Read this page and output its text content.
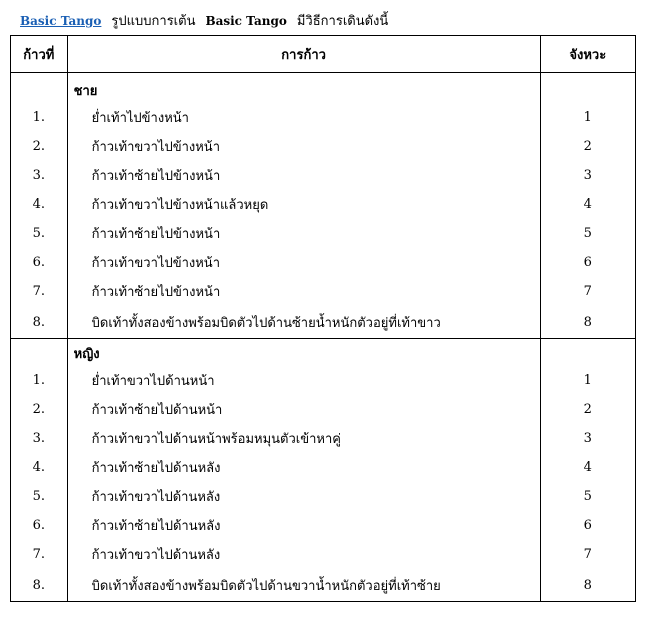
Basic Tango รูปแบบการเต้น Basic Tango มีวิธีการเดินดังนี้
ก้าวที่	การก้าว	จังหวะ
	ชาย	
1.	ย่ำเท้าไปข้างหน้า	1
2.	ก้าวเท้าขวาไปข้างหน้า	2
3.	ก้าวเท้าซ้ายไปข้างหน้า	3
4.	ก้าวเท้าขวาไปข้างหน้าแล้วหยุด	4
5.	ก้าวเท้าซ้ายไปข้างหน้า	5
6.	ก้าวเท้าขวาไปข้างหน้า	6
7.	ก้าวเท้าซ้ายไปข้างหน้า	7
8.	บิดเท้าทั้งสองข้างพร้อมบิดตัวไปด้านซ้ายน้ำหนักตัวอยู่ที่เท้าขาว	8
	หญิง	
1.	ย่ำเท้าขวาไปด้านหน้า	1
2.	ก้าวเท้าซ้ายไปด้านหน้า	2
3.	ก้าวเท้าขวาไปด้านหน้าพร้อมหมุนตัวเข้าหาคู่	3
4.	ก้าวเท้าซ้ายไปด้านหลัง	4
5.	ก้าวเท้าขวาไปด้านหลัง	5
6.	ก้าวเท้าซ้ายไปด้านหลัง	6
7.	ก้าวเท้าขวาไปด้านหลัง	7
8.	บิดเท้าทั้งสองข้างพร้อมบิดตัวไปด้านขวาน้ำหนักตัวอยู่ที่เท้าซ้าย	8
